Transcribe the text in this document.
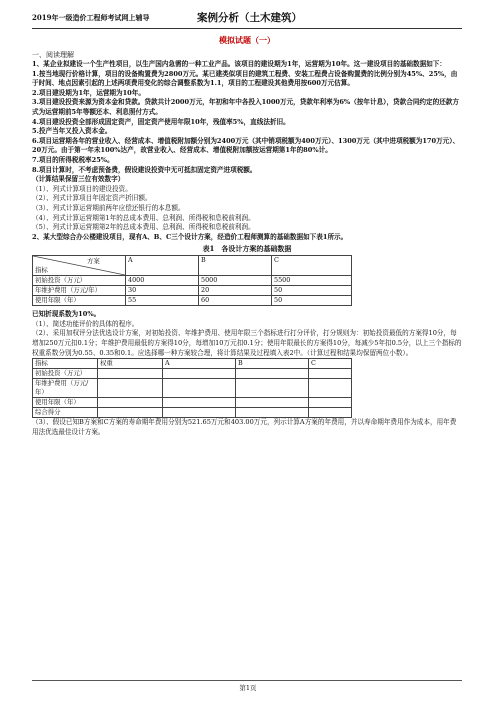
2019年一级造价工程师考试网上辅导	案例分析（土木建筑）
模拟试题（一）
一、阅读理解

1、某企业拟建设一个生产性项目，以生产国内急需的一种工业产品。该项目的建设期为1年，运营期为10年。这一建设项目的基础数据如下：

1.按当地现行价格计算，项目的设备购置费为2800万元。某已建类似项目的建筑工程费、安装工程费占设备购置费的比例分别为45%、25%，由于时间、地点因素引起的上述两项费用变化的综合调整系数为1.1，项目的工程建设其他费用按600万元估算。

2.项目建设期为1年，运营期为10年。

3.项目建设投资来源为资本金和贷款。贷款共计2000万元，年初和年中各投入1000万元，贷款年利率为6%（按年计息），贷款合同约定的还款方式为运营期前5年等额还本、利息照付方式。

4.项目建设投资全部形成固定资产，固定资产使用年限10年，残值率5%，直线法折旧。

5.投产当年又投入资本金。

6.项目运营期各年的营业收入、经营成本、增值税附加额分别为2400万元（其中销项税额为400万元）、1300万元（其中进项税额为170万元）、20万元。由于第一年未100%达产，故营业收入、经营成本、增值税附加额按运营期第1年的80%计。

7.项目的所得税税率25%。

8.项目计算时，不考虑预备费，假设建设投资中无可抵扣固定资产进项税额。

（计算结果保留三位有效数字）

（1）、列式计算项目的建设投资。

（2）、列式计算项目年固定资产折旧额。

（3）、列式计算运营期前两年应偿还银行的本息额。

（4）、列式计算运营期第1年的总成本费用、总利润、所得税和息税前利润。

（5）、列式计算运营期第2年的总成本费用、总利润、所得税和息税前利润。

2、某大型综合办公楼建设项目，现有A、B、C三个设计方案，经造价工程师测算的基础数据如下表1所示。

表1　各设计方案的基础数据
方案
指标	A	B	C
初始投资（万元）	4000	5000	5500
年维护费用（万元/年）	30	20	50
使用年限（年）	55	60	50

已知折现系数为10%。

（1）、简述功能评价的具体的程序。

（2）、采用加权评分法优选设计方案，对初始投资、年维护费用、使用年限三个指标进行打分评价，打分规则为：初始投资最低的方案得10分，每增加250万元扣0.1分；年维护费用最低的方案得10分，每增加10万元扣0.1分；使用年限最长的方案得10分，每减少5年扣0.5分，以上三个指标的权重系数分别为0.55、0.35和0.1。应选择哪一种方案较合理，将计算结果及过程填入表2中。（计算过程和结果均保留两位小数）。

指标	权重	A	B	C
初始投资（万元）				
年维护费用（万元/年）				
使用年限（年）				
综合得分				

（3）、假设已知B方案和C方案的寿命期年费用分别为521.65万元和403.00万元，列示计算A方案的年费用，并以寿命期年费用作为成本，用年费用法优选最佳设计方案。

第1页
